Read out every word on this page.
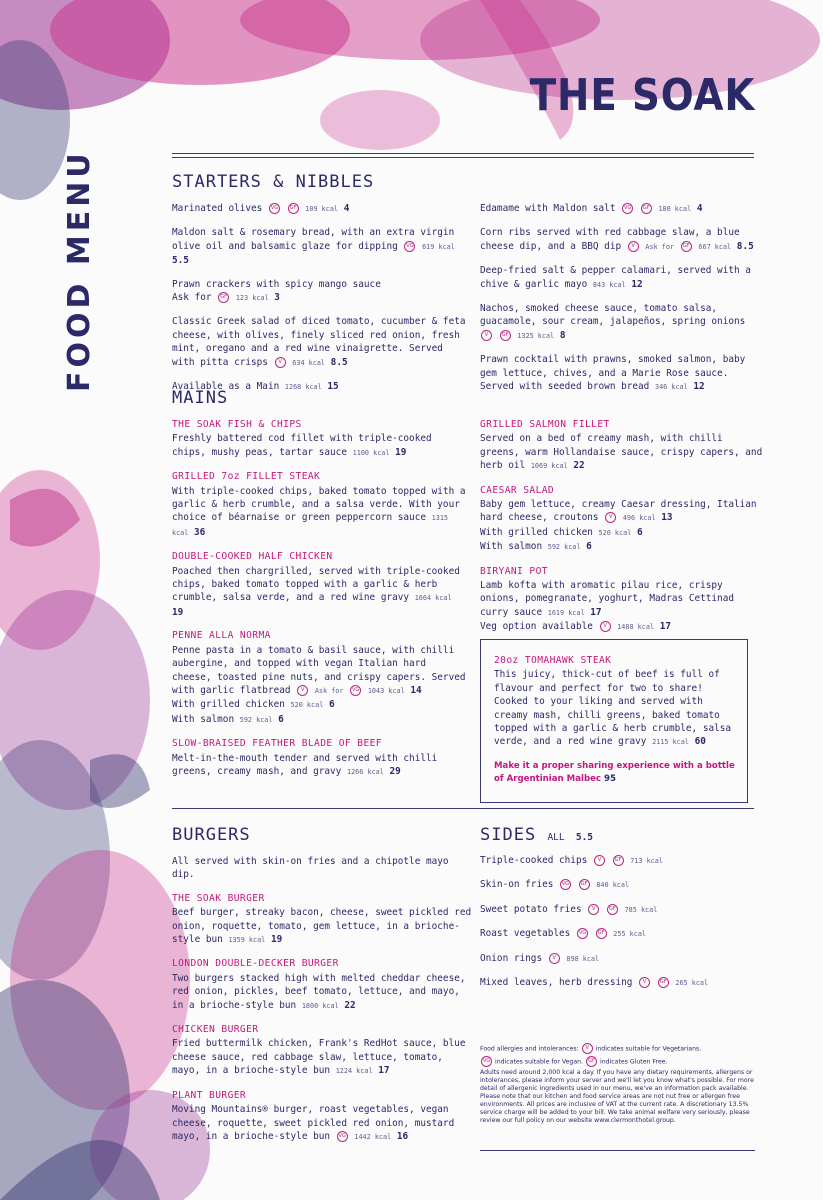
THE SOAK
FOOD MENU	STARTERS & NIBBLES
Marinated olives VG GF 109 kcal 4
Maldon salt & rosemary bread, with an extra virgin olive oil and balsamic glaze for dipping VG 619 kcal 5.5
Prawn crackers with spicy mango sauce
Ask for GF 123 kcal 3
Classic Greek salad of diced tomato, cucumber & feta cheese, with olives, finely sliced red onion, fresh mint, oregano and a red wine vinaigrette. Served with pitta crisps V 634 kcal 8.5
Available as a Main 1268 kcal 15
Edamame with Maldon salt VG GF 180 kcal 4
Corn ribs served with red cabbage slaw, a blue cheese dip, and a BBQ dip V Ask for GF 667 kcal 8.5
Deep-fried salt & pepper calamari, served with a chive & garlic mayo 843 kcal 12
Nachos, smoked cheese sauce, tomato salsa, guacamole, sour cream, jalapeños, spring onions V	GF 1325 kcal 8
Prawn cocktail with prawns, smoked salmon, baby gem lettuce, chives, and a Marie Rose sauce. Served with seeded brown bread 346 kcal 12
MAINS
THE SOAK FISH & CHIPS
Freshly battered cod fillet with triple-cooked chips, mushy peas, tartar sauce 1100 kcal 19
GRILLED 7oz FILLET STEAK
With triple-cooked chips, baked tomato topped with a garlic & herb crumble, and a salsa verde. With your choice of béarnaise or green peppercorn sauce 1315 kcal 36
DOUBLE-COOKED HALF CHICKEN
Poached then chargrilled, served with triple-cooked chips, baked tomato topped with a garlic & herb crumble, salsa verde, and a red wine gravy 1664 kcal 19
PENNE ALLA NORMA
Penne pasta in a tomato & basil sauce, with chilli aubergine, and topped with vegan Italian hard cheese, toasted pine nuts, and crispy capers. Served with garlic flatbread V Ask for VG 1043 kcal 14
With grilled chicken 520 kcal 6
With salmon 592 kcal 6
SLOW-BRAISED FEATHER BLADE OF BEEF
Melt-in-the-mouth tender and served with chilli greens, creamy mash, and gravy 1266 kcal 29
GRILLED SALMON FILLET
Served on a bed of creamy mash, with chilli greens, warm Hollandaise sauce, crispy capers, and herb oil 1069 kcal 22
CAESAR SALAD
Baby gem lettuce, creamy Caesar dressing, Italian hard cheese, croutons V 496 kcal 13
With grilled chicken 520 kcal 6
With salmon 592 kcal 6
BIRYANI POT
Lamb kofta with aromatic pilau rice, crispy onions, pomegranate, yoghurt, Madras Cettinad curry sauce 1619 kcal 17
Veg option available V 1488 kcal 17
20oz TOMAHAWK STEAK
This juicy, thick-cut of beef is full of flavour and perfect for two to share! Cooked to your liking and served with creamy mash, chilli greens, baked tomato topped with a garlic & herb crumble, salsa verde, and a red wine gravy 2115 kcal 60
Make it a proper sharing experience with a bottle of Argentinian Malbec 95
BURGERS
All served with skin-on fries and a chipotle mayo dip.
THE SOAK BURGER
Beef burger, streaky bacon, cheese, sweet pickled red onion, roquette, tomato, gem lettuce, in a brioche-style bun 1359 kcal 19
LONDON DOUBLE-DECKER BURGER
Two burgers stacked high with melted cheddar cheese, red onion, pickles, beef tomato, lettuce, and mayo, in a brioche-style bun 1800 kcal 22
CHICKEN BURGER
Fried buttermilk chicken, Frank's RedHot sauce, blue cheese sauce, red cabbage slaw, lettuce, tomato, mayo, in a brioche-style bun 1224 kcal 17
PLANT BURGER
Moving Mountains® burger, roast vegetables, vegan cheese, roquette, sweet pickled red onion, mustard mayo, in a brioche-style bun VG 1442 kcal 16
SIDES ALL 5.5
Triple-cooked chips V	GF 713 kcal
Skin-on fries VG GF 840 kcal
Sweet potato fries V	GF 785 kcal
Roast vegetables VG GF 255 kcal
Onion rings V 898 kcal
Mixed leaves, herb dressing V	GF 265 kcal

Food allergies and intolerances: V indicates suitable for Vegetarians.

VG indicates suitable for Vegan. GF indicates Gluten Free.

Adults need around 2,000 kcal a day. If you have any dietary requirements, allergens or intolerances, please inform your server and we'll let you know what's possible. For more detail of allergenic ingredients used in our menu, we've an information pack available. Please note that our kitchen and food service areas are not nut free or allergen free environments. All prices are inclusive of VAT at the current rate. A discretionary 13.5% service charge will be added to your bill. We take animal welfare very seriously, please review our full policy on our website www.clermonthotel.group.
